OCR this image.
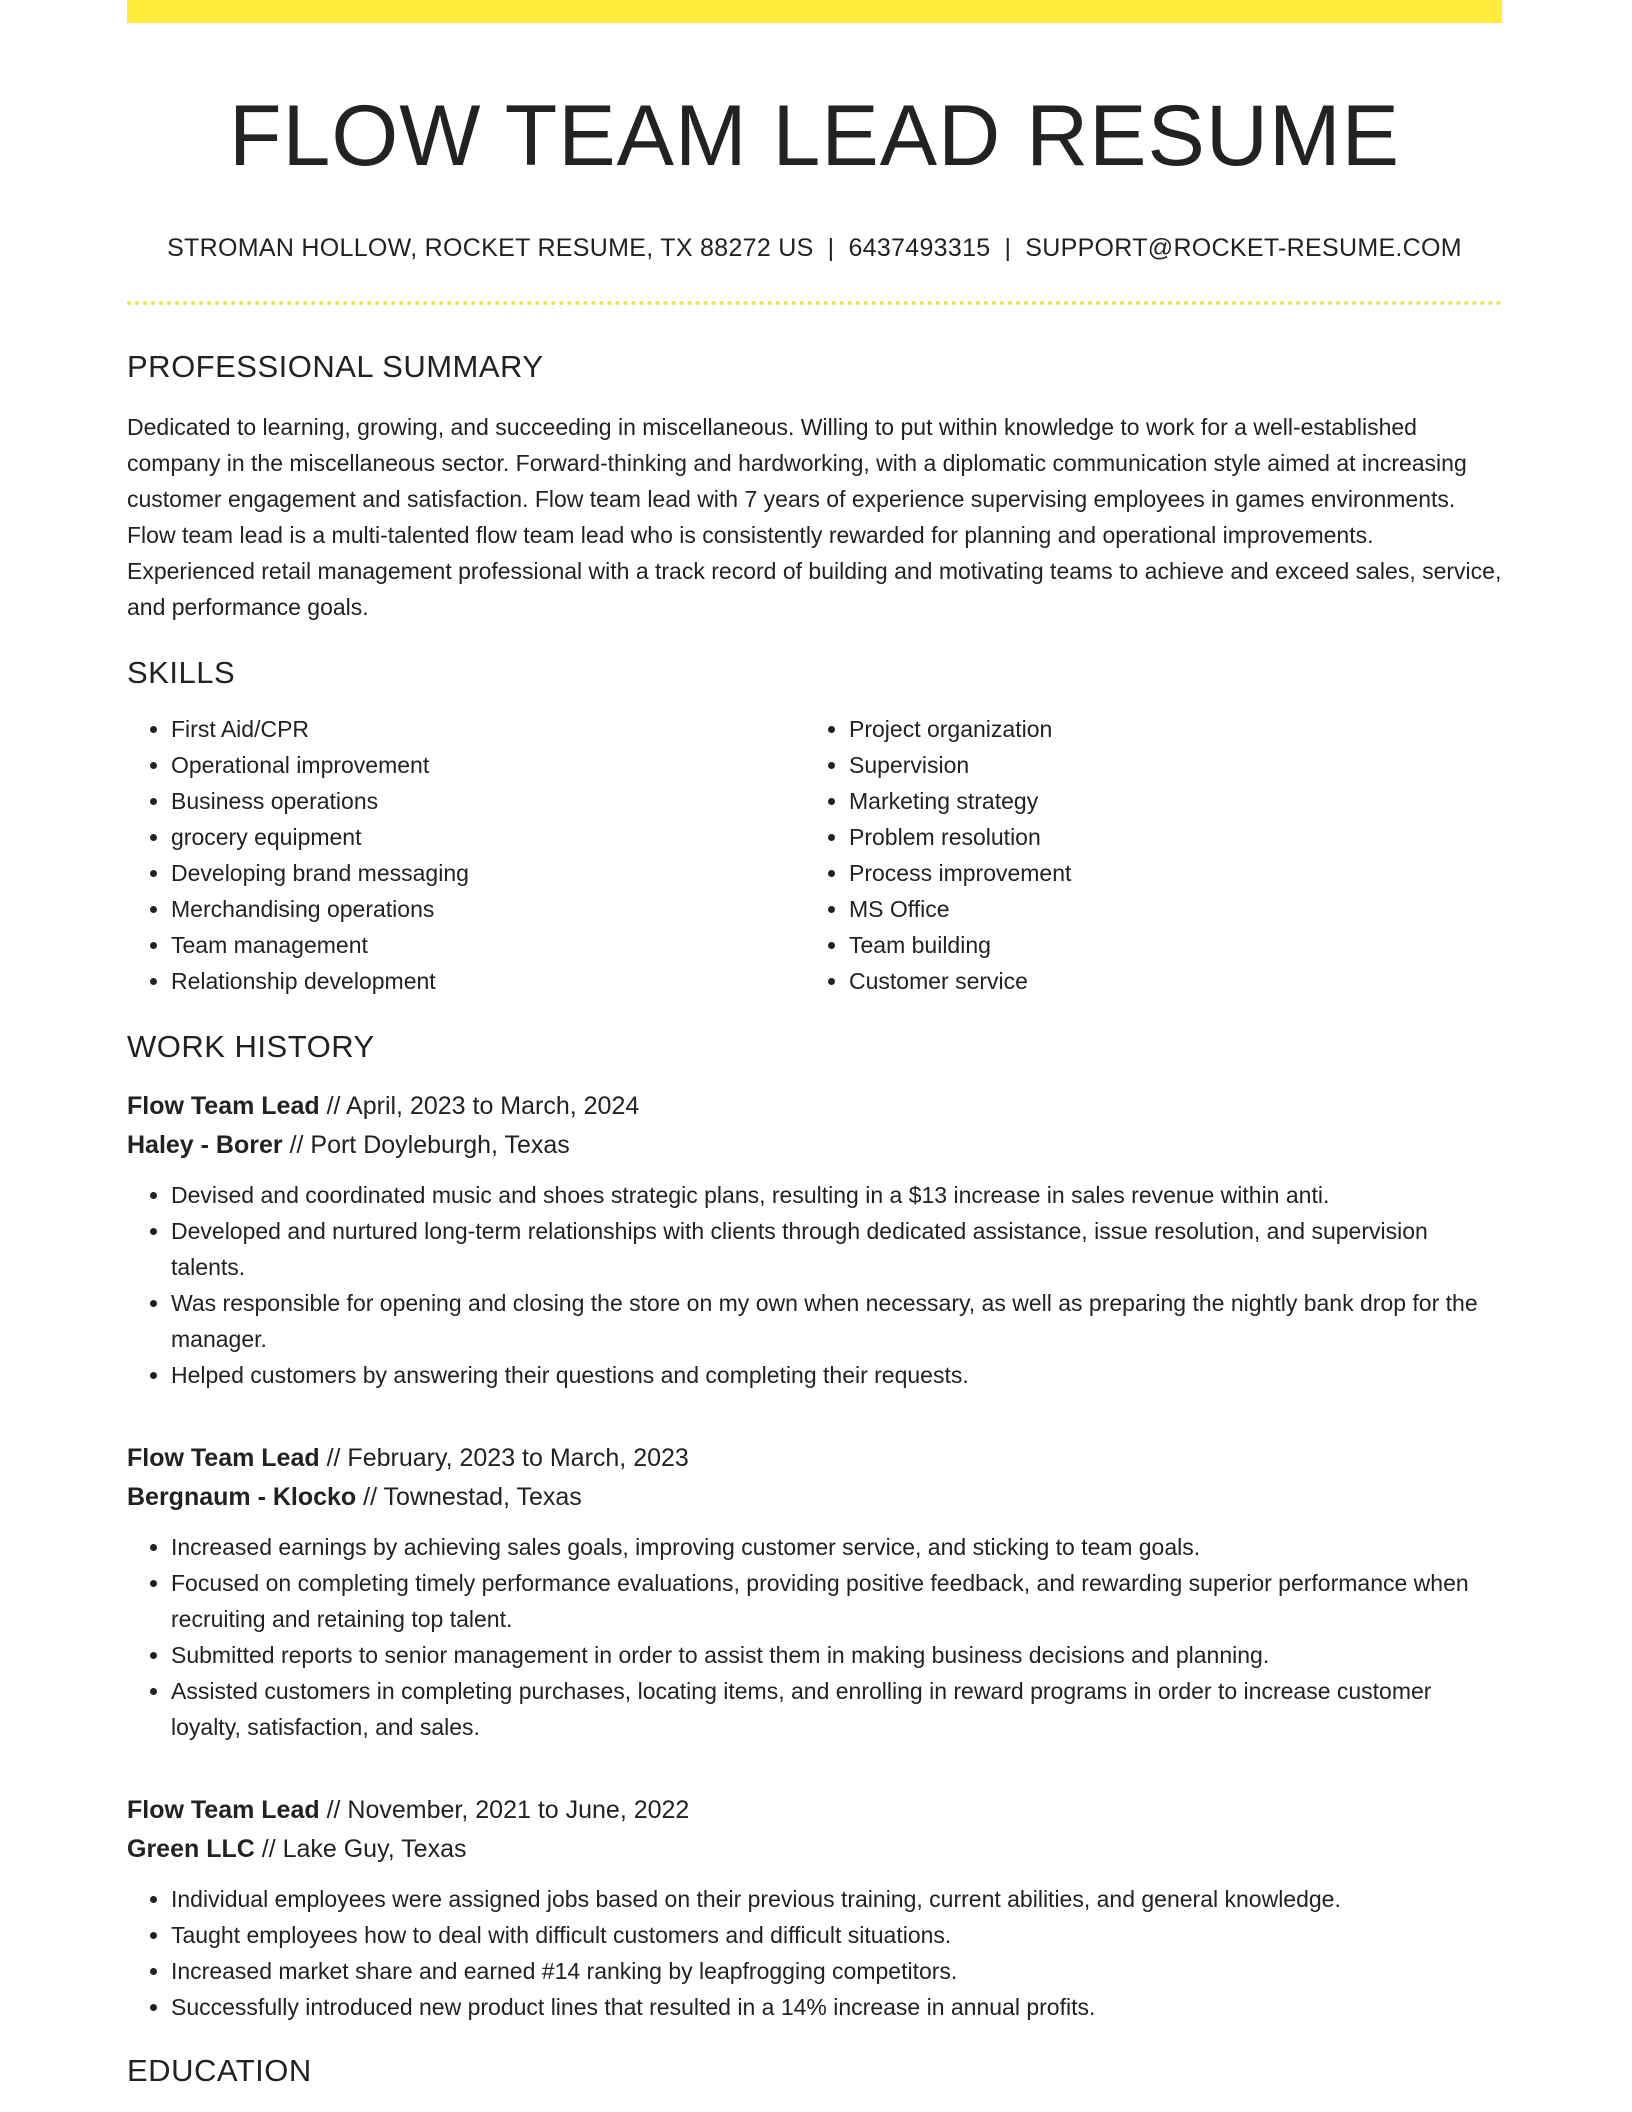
FLOW TEAM LEAD RESUME
STROMAN HOLLOW, ROCKET RESUME, TX 88272 US | 6437493315 | SUPPORT@ROCKET-RESUME.COM
PROFESSIONAL SUMMARY
Dedicated to learning, growing, and succeeding in miscellaneous. Willing to put within knowledge to work for a well-established company in the miscellaneous sector. Forward-thinking and hardworking, with a diplomatic communication style aimed at increasing customer engagement and satisfaction. Flow team lead with 7 years of experience supervising employees in games environments. Flow team lead is a multi-talented flow team lead who is consistently rewarded for planning and operational improvements. Experienced retail management professional with a track record of building and motivating teams to achieve and exceed sales, service, and performance goals.
SKILLS
• First Aid/CPR
• Operational improvement
• Business operations
• grocery equipment
• Developing brand messaging
• Merchandising operations
• Team management
• Relationship development
• Project organization
• Supervision
• Marketing strategy
• Problem resolution
• Process improvement
• MS Office
• Team building
• Customer service
WORK HISTORY
Flow Team Lead // April, 2023 to March, 2024
Haley - Borer // Port Doyleburgh, Texas
• Devised and coordinated music and shoes strategic plans, resulting in a $13 increase in sales revenue within anti.
• Developed and nurtured long-term relationships with clients through dedicated assistance, issue resolution, and supervision talents.
• Was responsible for opening and closing the store on my own when necessary, as well as preparing the nightly bank drop for the manager.
• Helped customers by answering their questions and completing their requests.
Flow Team Lead // February, 2023 to March, 2023
Bergnaum - Klocko // Townestad, Texas
• Increased earnings by achieving sales goals, improving customer service, and sticking to team goals.
• Focused on completing timely performance evaluations, providing positive feedback, and rewarding superior performance when recruiting and retaining top talent.
• Submitted reports to senior management in order to assist them in making business decisions and planning.
• Assisted customers in completing purchases, locating items, and enrolling in reward programs in order to increase customer loyalty, satisfaction, and sales.
Flow Team Lead // November, 2021 to June, 2022
Green LLC // Lake Guy, Texas
• Individual employees were assigned jobs based on their previous training, current abilities, and general knowledge.
• Taught employees how to deal with difficult customers and difficult situations.
• Increased market share and earned #14 ranking by leapfrogging competitors.
• Successfully introduced new product lines that resulted in a 14% increase in annual profits.
EDUCATION
